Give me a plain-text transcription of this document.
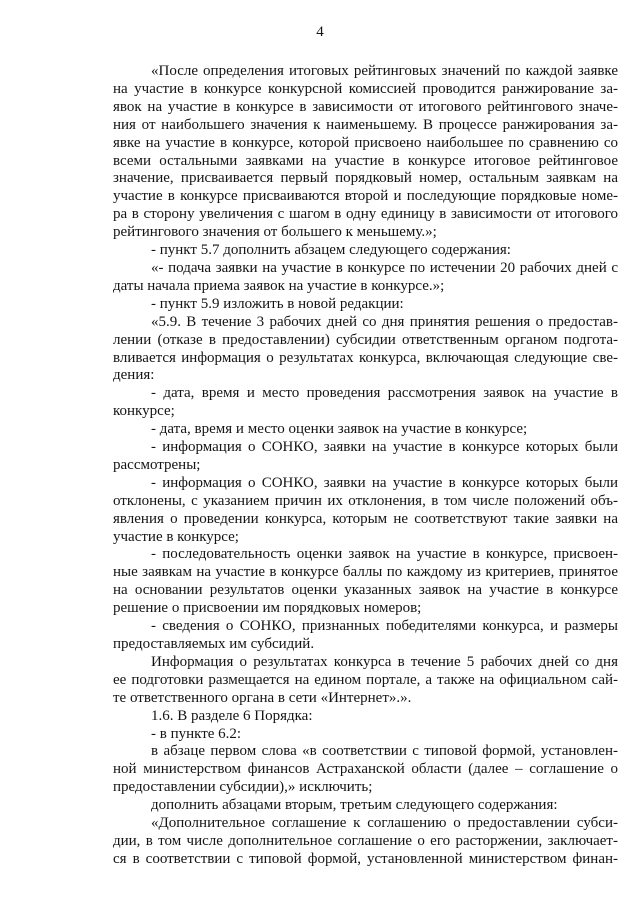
4
«После определения итоговых рейтинговых значений по каждой заявке
на участие в конкурсе конкурсной комиссией проводится ранжирование за-
явок на участие в конкурсе в зависимости от итогового рейтингового значе-
ния от наибольшего значения к наименьшему. В процессе ранжирования за-
явке на участие в конкурсе, которой присвоено наибольшее по сравнению со
всеми остальными заявками на участие в конкурсе итоговое рейтинговое
значение, присваивается первый порядковый номер, остальным заявкам на
участие в конкурсе присваиваются второй и последующие порядковые номе-
ра в сторону увеличения с шагом в одну единицу в зависимости от итогового
рейтингового значения от большего к меньшему.»;
- пункт 5.7 дополнить абзацем следующего содержания:
«- подача заявки на участие в конкурсе по истечении 20 рабочих дней с
даты начала приема заявок на участие в конкурсе.»;
- пункт 5.9 изложить в новой редакции:
«5.9. В течение 3 рабочих дней со дня принятия решения о предостав-
лении (отказе в предоставлении) субсидии ответственным органом подгота-
вливается информация о результатах конкурса, включающая следующие све-
дения:
- дата, время и место проведения рассмотрения заявок на участие в
конкурсе;
- дата, время и место оценки заявок на участие в конкурсе;
- информация о СОНКО, заявки на участие в конкурсе которых были
рассмотрены;
- информация о СОНКО, заявки на участие в конкурсе которых были
отклонены, с указанием причин их отклонения, в том числе положений объ-
явления о проведении конкурса, которым не соответствуют такие заявки на
участие в конкурсе;
- последовательность оценки заявок на участие в конкурсе, присвоен-
ные заявкам на участие в конкурсе баллы по каждому из критериев, принятое
на основании результатов оценки указанных заявок на участие в конкурсе
решение о присвоении им порядковых номеров;
- сведения о СОНКО, признанных победителями конкурса, и размеры
предоставляемых им субсидий.
Информация о результатах конкурса в течение 5 рабочих дней со дня
ее подготовки размещается на едином портале, а также на официальном сай-
те ответственного органа в сети «Интернет».».
1.6. В разделе 6 Порядка:
- в пункте 6.2:
в абзаце первом слова «в соответствии с типовой формой, установлен-
ной министерством финансов Астраханской области (далее – соглашение о
предоставлении субсидии),» исключить;
дополнить абзацами вторым, третьим следующего содержания:
«Дополнительное соглашение к соглашению о предоставлении субси-
дии, в том числе дополнительное соглашение о его расторжении, заключает-
ся в соответствии с типовой формой, установленной министерством финан-
